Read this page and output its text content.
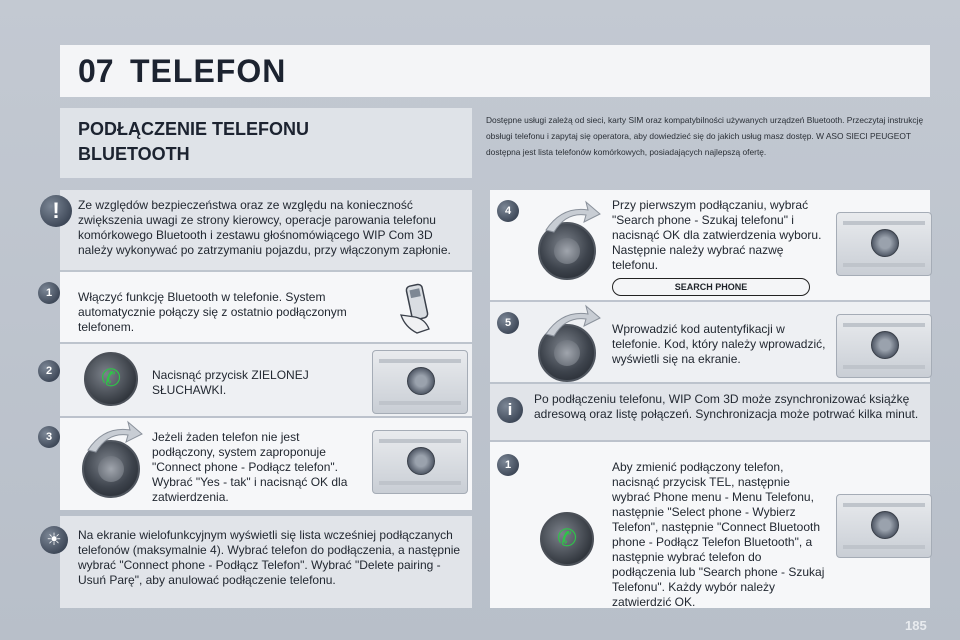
07 TELEFON
PODŁĄCZENIE TELEFONU
BLUETOOTH
Dostępne usługi zależą od sieci, karty SIM oraz kompatybilności używanych urządzeń Bluetooth. Przeczytaj instrukcję obsługi telefonu i zapytaj się operatora, aby dowiedzieć się do jakich usług masz dostęp. W ASO SIECI PEUGEOT dostępna jest lista telefonów komórkowych, posiadających najlepszą ofertę.
!	Ze względów bezpieczeństwa oraz ze względu na konieczność zwiększenia uwagi ze strony kierowcy, operacje parowania telefonu komórkowego Bluetooth i zestawu głośnomówiącego WIP Com 3D należy wykonywać po zatrzymaniu pojazdu, przy włączonym zapłonie.
1	Włączyć funkcję Bluetooth w telefonie. System automatycznie połączy się z ostatnio podłączonym telefonem.
2	✆	Nacisnąć przycisk ZIELONEJ SŁUCHAWKI.
3	Jeżeli żaden telefon nie jest podłączony, system zaproponuje "Connect phone - Podłącz telefon". Wybrać "Yes - tak" i nacisnąć OK dla zatwierdzenia.
☀	Na ekranie wielofunkcyjnym wyświetli się lista wcześniej podłączanych telefonów (maksymalnie 4). Wybrać telefon do podłączenia, a następnie wybrać "Connect phone - Podłącz Telefon". Wybrać "Delete pairing - Usuń Parę", aby anulować podłączenie telefonu.
4	Przy pierwszym podłączaniu, wybrać "Search phone - Szukaj telefonu" i nacisnąć OK dla zatwierdzenia wyboru. Następnie należy wybrać nazwę telefonu.
SEARCH PHONE
5	Wprowadzić kod autentyfikacji w telefonie. Kod, który należy wprowadzić, wyświetli się na ekranie.
i
Po podłączeniu telefonu, WIP Com 3D może zsynchronizować książkę adresową oraz listę połączeń. Synchronizacja może potrwać kilka minut.
1
✆
Aby zmienić podłączony telefon, nacisnąć przycisk TEL, następnie wybrać Phone menu - Menu Telefonu, następnie "Select phone - Wybierz Telefon", następnie "Connect Bluetooth phone - Podłącz Telefon Bluetooth", a następnie wybrać telefon do podłączenia lub "Search phone - Szukaj Telefonu". Każdy wybór należy zatwierdzić OK.
185
